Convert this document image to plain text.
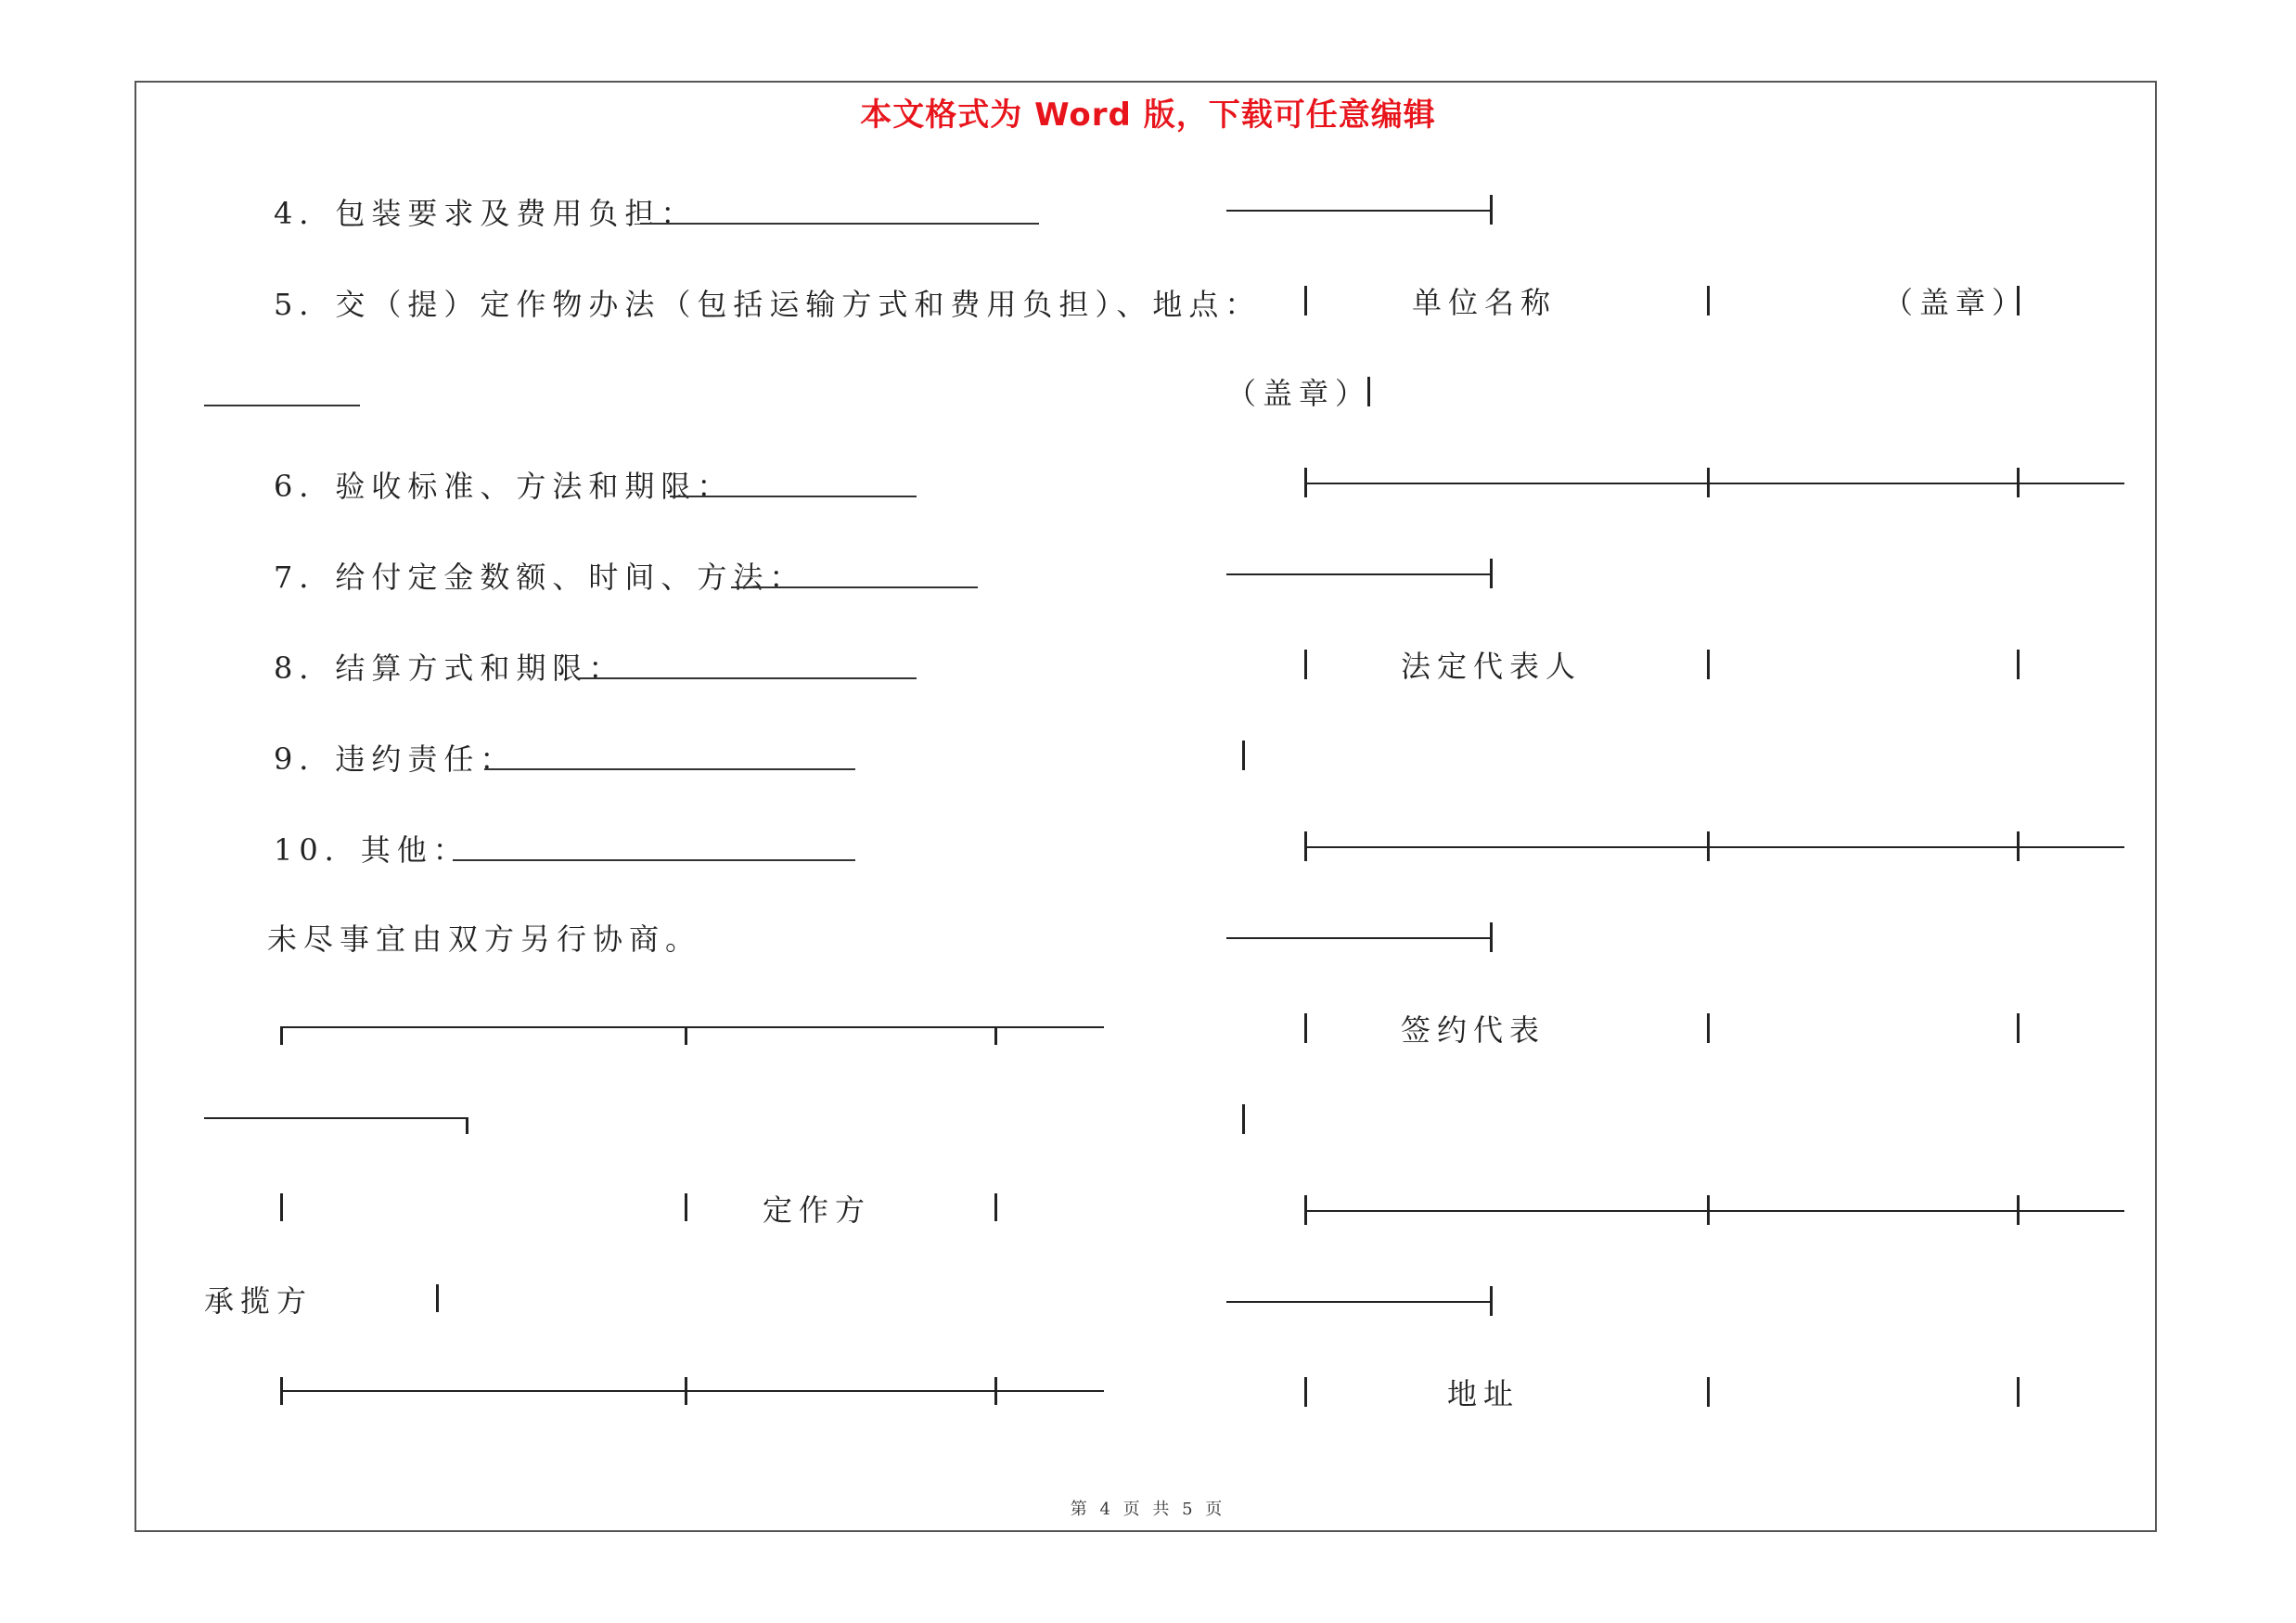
本文格式为 Word 版，下载可任意编辑
4．包装要求及费用负担：
5．交（提）定作物办法（包括运输方式和费用负担）、地点：
6．验收标准、方法和期限：
7．给付定金数额、时间、方法：
8．结算方式和期限：
9．违约责任：
10．其他：
未尽事宜由双方另行协商。
定作方
承揽方
单位名称	（盖章）
（盖章）
法定代表人
签约代表
地址
第 4 页 共 5 页
